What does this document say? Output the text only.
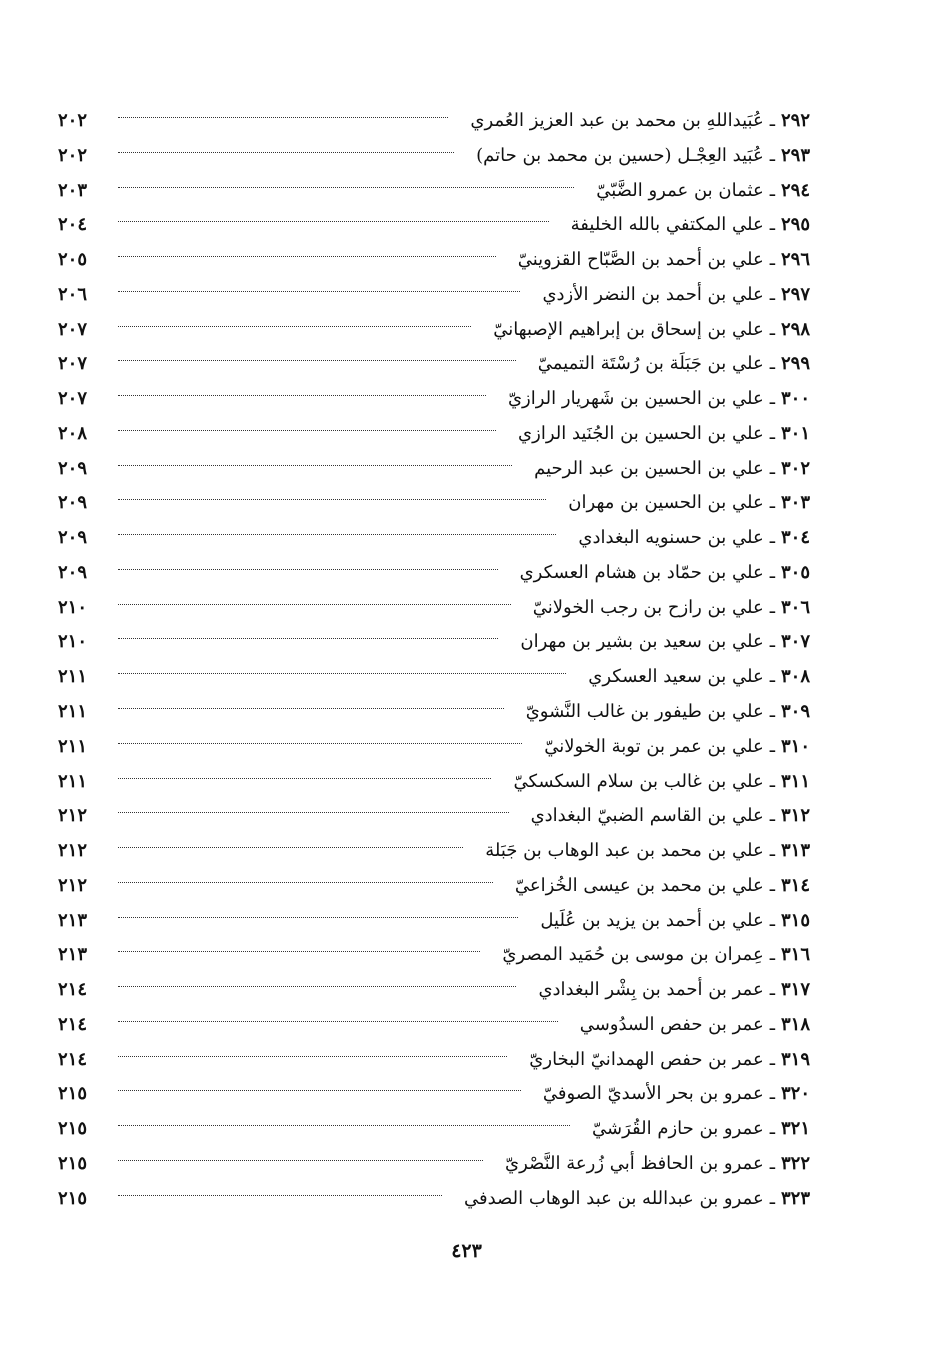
٢٩٢
ـ
عُبَيداللهِ بن محمد بن عبد العزيز العُمري
٢٠٢
٢٩٣
ـ
عُبَيد العِجْـل (حسين بن محمد بن حاتم)
٢٠٢
٢٩٤
ـ
عثمان بن عمرو الضَّبّيّ
٢٠٣
٢٩٥
ـ
علي المكتفي بالله الخليفة
٢٠٤
٢٩٦
ـ
علي بن أحمد بن الصَّبّاح القزوينيّ
٢٠٥
٢٩٧
ـ
علي بن أحمد بن النضر الأزدي
٢٠٦
٢٩٨
ـ
علي بن إسحاق بن إبراهيم الإصبهانيّ
٢٠٧
٢٩٩
ـ
علي بن جَبَلَة بن رُسْتَة التميميّ
٢٠٧
٣٠٠
ـ
علي بن الحسين بن شَهريار الرازيّ
٢٠٧
٣٠١
ـ
علي بن الحسين بن الجُنَيد الرازي
٢٠٨
٣٠٢
ـ
علي بن الحسين بن عبد الرحيم
٢٠٩
٣٠٣
ـ
علي بن الحسين بن مهران
٢٠٩
٣٠٤
ـ
علي بن حسنويه البغدادي
٢٠٩
٣٠٥
ـ
علي بن حمّاد بن هشام العسكري
٢٠٩
٣٠٦
ـ
علي بن رازح بن رجب الخولانيّ
٢١٠
٣٠٧
ـ
علي بن سعيد بن بشير بن مهران
٢١٠
٣٠٨
ـ
علي بن سعيد العسكري
٢١١
٣٠٩
ـ
علي بن طيفور بن غالب النَّشويّ
٢١١
٣١٠
ـ
علي بن عمر بن توبة الخولانيّ
٢١١
٣١١
ـ
علي بن غالب بن سلام السكسكيّ
٢١١
٣١٢
ـ
علي بن القاسم الضبيّ البغدادي
٢١٢
٣١٣
ـ
علي بن محمد بن عبد الوهاب بن جَبَلة
٢١٢
٣١٤
ـ
علي بن محمد بن عيسى الخُزاعيّ
٢١٢
٣١٥
ـ
علي بن أحمد بن يزيد بن عُلَيل
٢١٣
٣١٦
ـ
عِمران بن موسى بن حُمَيد المصريّ
٢١٣
٣١٧
ـ
عمر بن أحمد بن بِشْر البغدادي
٢١٤
٣١٨
ـ
عمر بن حفص السدُوسي
٢١٤
٣١٩
ـ
عمر بن حفص الهمدانيّ البخاريّ
٢١٤
٣٢٠
ـ
عمرو بن بحر الأسديّ الصوفيّ
٢١٥
٣٢١
ـ
عمرو بن حازم القُرَشيّ
٢١٥
٣٢٢
ـ
عمرو بن الحافظ أبي زُرعة النَّصْريّ
٢١٥
٣٢٣
ـ
عمرو بن عبدالله بن عبد الوهاب الصدفي
٢١٥
٤٢٣
